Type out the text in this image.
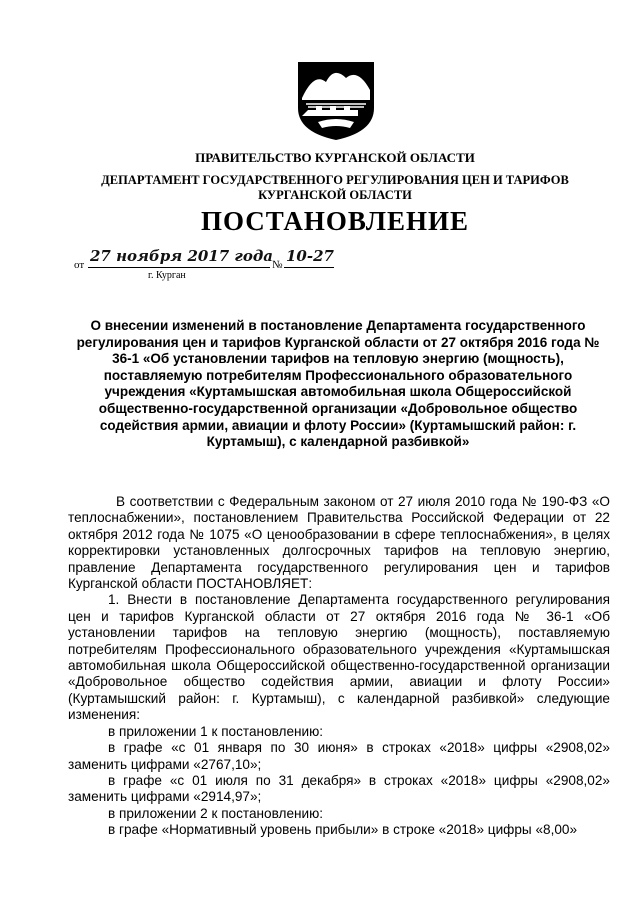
ПРАВИТЕЛЬСТВО КУРГАНСКОЙ ОБЛАСТИ
ДЕПАРТАМЕНТ ГОСУДАРСТВЕННОГО РЕГУЛИРОВАНИЯ ЦЕН И ТАРИФОВ
КУРГАНСКОЙ ОБЛАСТИ
ПОСТАНОВЛЕНИЕ
от 27 ноября 2017 года
№ 10-27
г. Курган
О внесении изменений в постановление Департамента государственного регулирования цен и тарифов Курганской области от 27 октября 2016 года № 36-1 «Об установлении тарифов на тепловую энергию (мощность), поставляемую потребителям Профессионального образовательного учреждения «Куртамышская автомобильная школа Общероссийской общественно-государственной организации «Добровольное общество содействия армии, авиации и флоту России» (Куртамышский район: г. Куртамыш), с календарной разбивкой»

В соответствии с Федеральным законом от 27 июля 2010 года № 190-ФЗ «О теплоснабжении», постановлением Правительства Российской Федерации от 22 октября 2012 года № 1075 «О ценообразовании в сфере теплоснабжения», в целях корректировки установленных долгосрочных тарифов на тепловую энергию, правление Департамента государственного регулирования цен и тарифов Курганской области ПОСТАНОВЛЯЕТ:

1. Внести в постановление Департамента государственного регулирования цен и тарифов Курганской области от 27 октября 2016 года № 36-1 «Об установлении тарифов на тепловую энергию (мощность), поставляемую потребителям Профессионального образовательного учреждения «Куртамышская автомобильная школа Общероссийской общественно-государственной организации «Добровольное общество содействия армии, авиации и флоту России» (Куртамышский район: г. Куртамыш), с календарной разбивкой» следующие изменения:

в приложении 1 к постановлению:

в графе «с 01 января по 30 июня» в строках «2018» цифры «2908,02» заменить цифрами «2767,10»;

в графе «с 01 июля по 31 декабря» в строках «2018» цифры «2908,02» заменить цифрами «2914,97»;

в приложении 2 к постановлению:

в графе «Нормативный уровень прибыли» в строке «2018» цифры «8,00»
